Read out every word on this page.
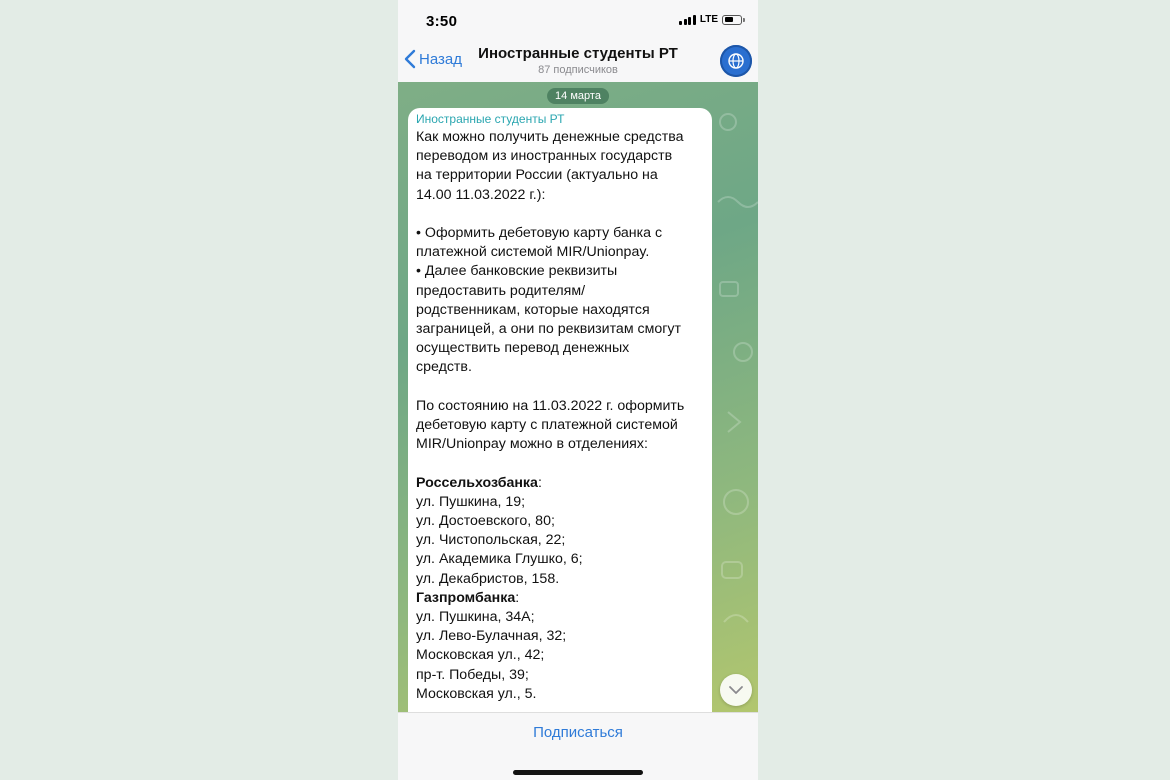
3:50	LTE
Назад	Иностранные студенты РТ
87 подписчиков
14 марта
Иностранные студенты РТ
Как можно получить денежные средства
переводом из иностранных государств
на территории России (актуально на
14.00 11.03.2022 г.):
• Оформить дебетовую карту банка с
платежной системой MIR/Unionpay.
• Далее банковские реквизиты
предоставить родителям/
родственникам, которые находятся
заграницей, а они по реквизитам смогут
осуществить перевод денежных
средств.
По состоянию на 11.03.2022 г. оформить
дебетовую карту с платежной системой
MIR/Unionpay можно в отделениях:
Россельхозбанка:
ул. Пушкина, 19;
ул. Достоевского, 80;
ул. Чистопольская, 22;
ул. Академика Глушко, 6;
ул. Декабристов, 158.
Газпромбанка:
ул. Пушкина, 34А;
ул. Лево-Булачная, 32;
Московская ул., 42;
пр-т. Победы, 39;
Московская ул., 5.
Подписаться
